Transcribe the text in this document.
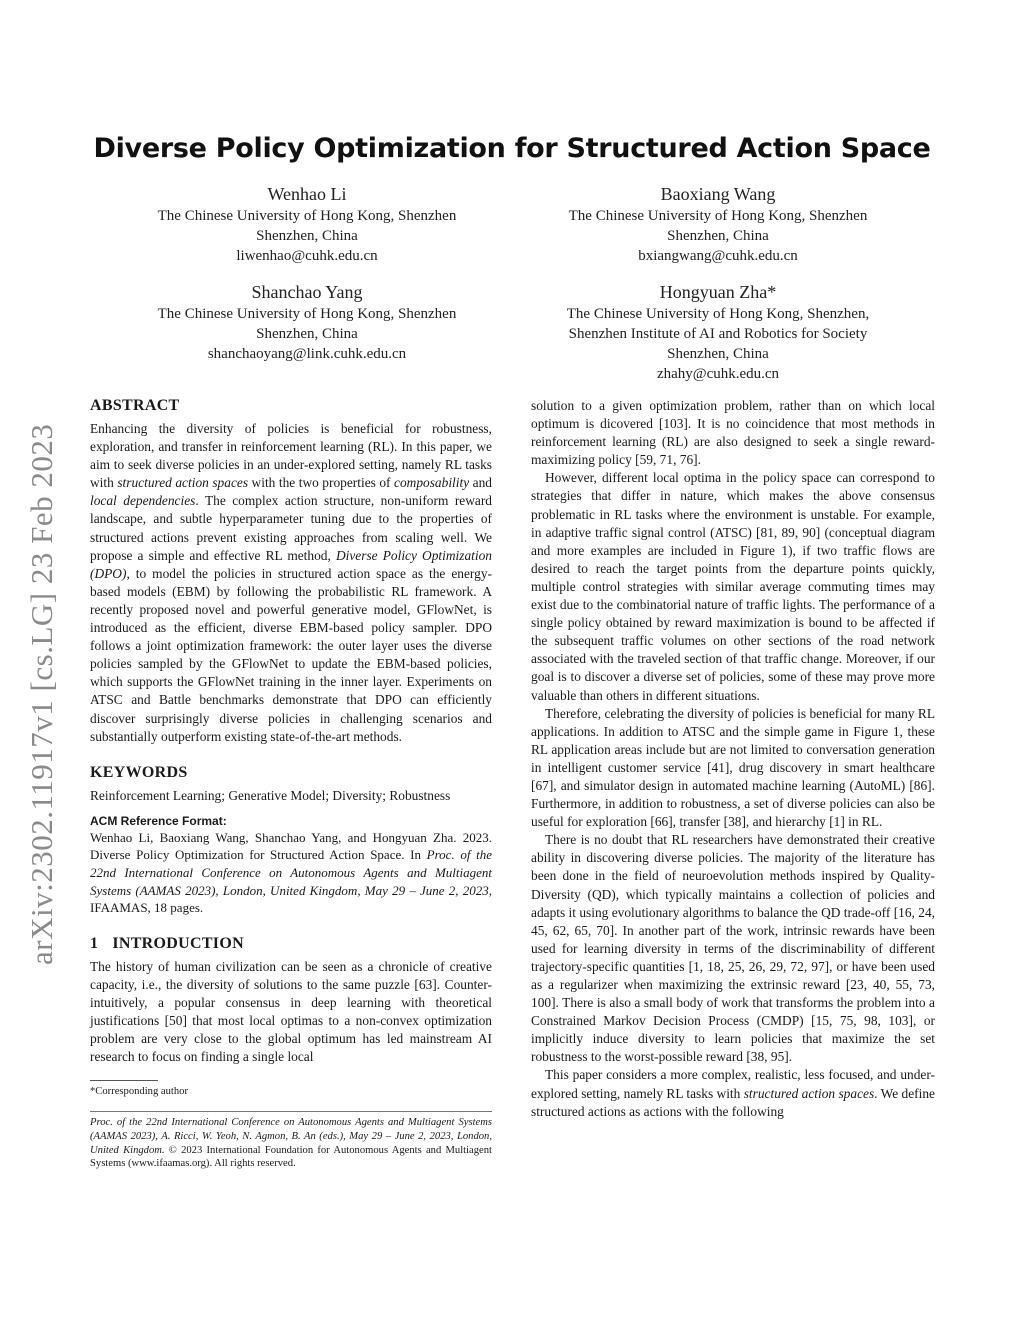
arXiv:2302.11917v1 [cs.LG] 23 Feb 2023
Diverse Policy Optimization for Structured Action Space
Wenhao Li
The Chinese University of Hong Kong, Shenzhen
Shenzhen, China
liwenhao@cuhk.edu.cn
Baoxiang Wang
The Chinese University of Hong Kong, Shenzhen
Shenzhen, China
bxiangwang@cuhk.edu.cn
Shanchao Yang
The Chinese University of Hong Kong, Shenzhen
Shenzhen, China
shanchaoyang@link.cuhk.edu.cn
Hongyuan Zha*
The Chinese University of Hong Kong, Shenzhen,
Shenzhen Institute of AI and Robotics for Society
Shenzhen, China
zhahy@cuhk.edu.cn
ABSTRACT

Enhancing the diversity of policies is beneficial for robustness, exploration, and transfer in reinforcement learning (RL). In this paper, we aim to seek diverse policies in an under-explored setting, namely RL tasks with structured action spaces with the two properties of composability and local dependencies. The complex action structure, non-uniform reward landscape, and subtle hyperparameter tuning due to the properties of structured actions prevent existing approaches from scaling well. We propose a simple and effective RL method, Diverse Policy Optimization (DPO), to model the policies in structured action space as the energy-based models (EBM) by following the probabilistic RL framework. A recently proposed novel and powerful generative model, GFlowNet, is introduced as the efficient, diverse EBM-based policy sampler. DPO follows a joint optimization framework: the outer layer uses the diverse policies sampled by the GFlowNet to update the EBM-based policies, which supports the GFlowNet training in the inner layer. Experiments on ATSC and Battle benchmarks demonstrate that DPO can efficiently discover surprisingly diverse policies in challenging scenarios and substantially outperform existing state-of-the-art methods.

KEYWORDS

Reinforcement Learning; Generative Model; Diversity; Robustness

ACM Reference Format:

Wenhao Li, Baoxiang Wang, Shanchao Yang, and Hongyuan Zha. 2023. Diverse Policy Optimization for Structured Action Space. In Proc. of the 22nd International Conference on Autonomous Agents and Multiagent Systems (AAMAS 2023), London, United Kingdom, May 29 – June 2, 2023, IFAAMAS, 18 pages.

1 INTRODUCTION

The history of human civilization can be seen as a chronicle of creative capacity, i.e., the diversity of solutions to the same puzzle [63]. Counter-intuitively, a popular consensus in deep learning with theoretical justifications [50] that most local optimas to a non-convex optimization problem are very close to the global optimum has led mainstream AI research to focus on finding a single local

*Corresponding author
Proc. of the 22nd International Conference on Autonomous Agents and Multiagent Systems (AAMAS 2023), A. Ricci, W. Yeoh, N. Agmon, B. An (eds.), May 29 – June 2, 2023, London, United Kingdom. © 2023 International Foundation for Autonomous Agents and Multiagent Systems (www.ifaamas.org). All rights reserved.

solution to a given optimization problem, rather than on which local optimum is dicovered [103]. It is no coincidence that most methods in reinforcement learning (RL) are also designed to seek a single reward-maximizing policy [59, 71, 76].

However, different local optima in the policy space can correspond to strategies that differ in nature, which makes the above consensus problematic in RL tasks where the environment is unstable. For example, in adaptive traffic signal control (ATSC) [81, 89, 90] (conceptual diagram and more examples are included in Figure 1), if two traffic flows are desired to reach the target points from the departure points quickly, multiple control strategies with similar average commuting times may exist due to the combinatorial nature of traffic lights. The performance of a single policy obtained by reward maximization is bound to be affected if the subsequent traffic volumes on other sections of the road network associated with the traveled section of that traffic change. Moreover, if our goal is to discover a diverse set of policies, some of these may prove more valuable than others in different situations.

Therefore, celebrating the diversity of policies is beneficial for many RL applications. In addition to ATSC and the simple game in Figure 1, these RL application areas include but are not limited to conversation generation in intelligent customer service [41], drug discovery in smart healthcare [67], and simulator design in automated machine learning (AutoML) [86]. Furthermore, in addition to robustness, a set of diverse policies can also be useful for exploration [66], transfer [38], and hierarchy [1] in RL.

There is no doubt that RL researchers have demonstrated their creative ability in discovering diverse policies. The majority of the literature has been done in the field of neuroevolution methods inspired by Quality-Diversity (QD), which typically maintains a collection of policies and adapts it using evolutionary algorithms to balance the QD trade-off [16, 24, 45, 62, 65, 70]. In another part of the work, intrinsic rewards have been used for learning diversity in terms of the discriminability of different trajectory-specific quantities [1, 18, 25, 26, 29, 72, 97], or have been used as a regularizer when maximizing the extrinsic reward [23, 40, 55, 73, 100]. There is also a small body of work that transforms the problem into a Constrained Markov Decision Process (CMDP) [15, 75, 98, 103], or implicitly induce diversity to learn policies that maximize the set robustness to the worst-possible reward [38, 95].

This paper considers a more complex, realistic, less focused, and under-explored setting, namely RL tasks with structured action spaces. We define structured actions as actions with the following
